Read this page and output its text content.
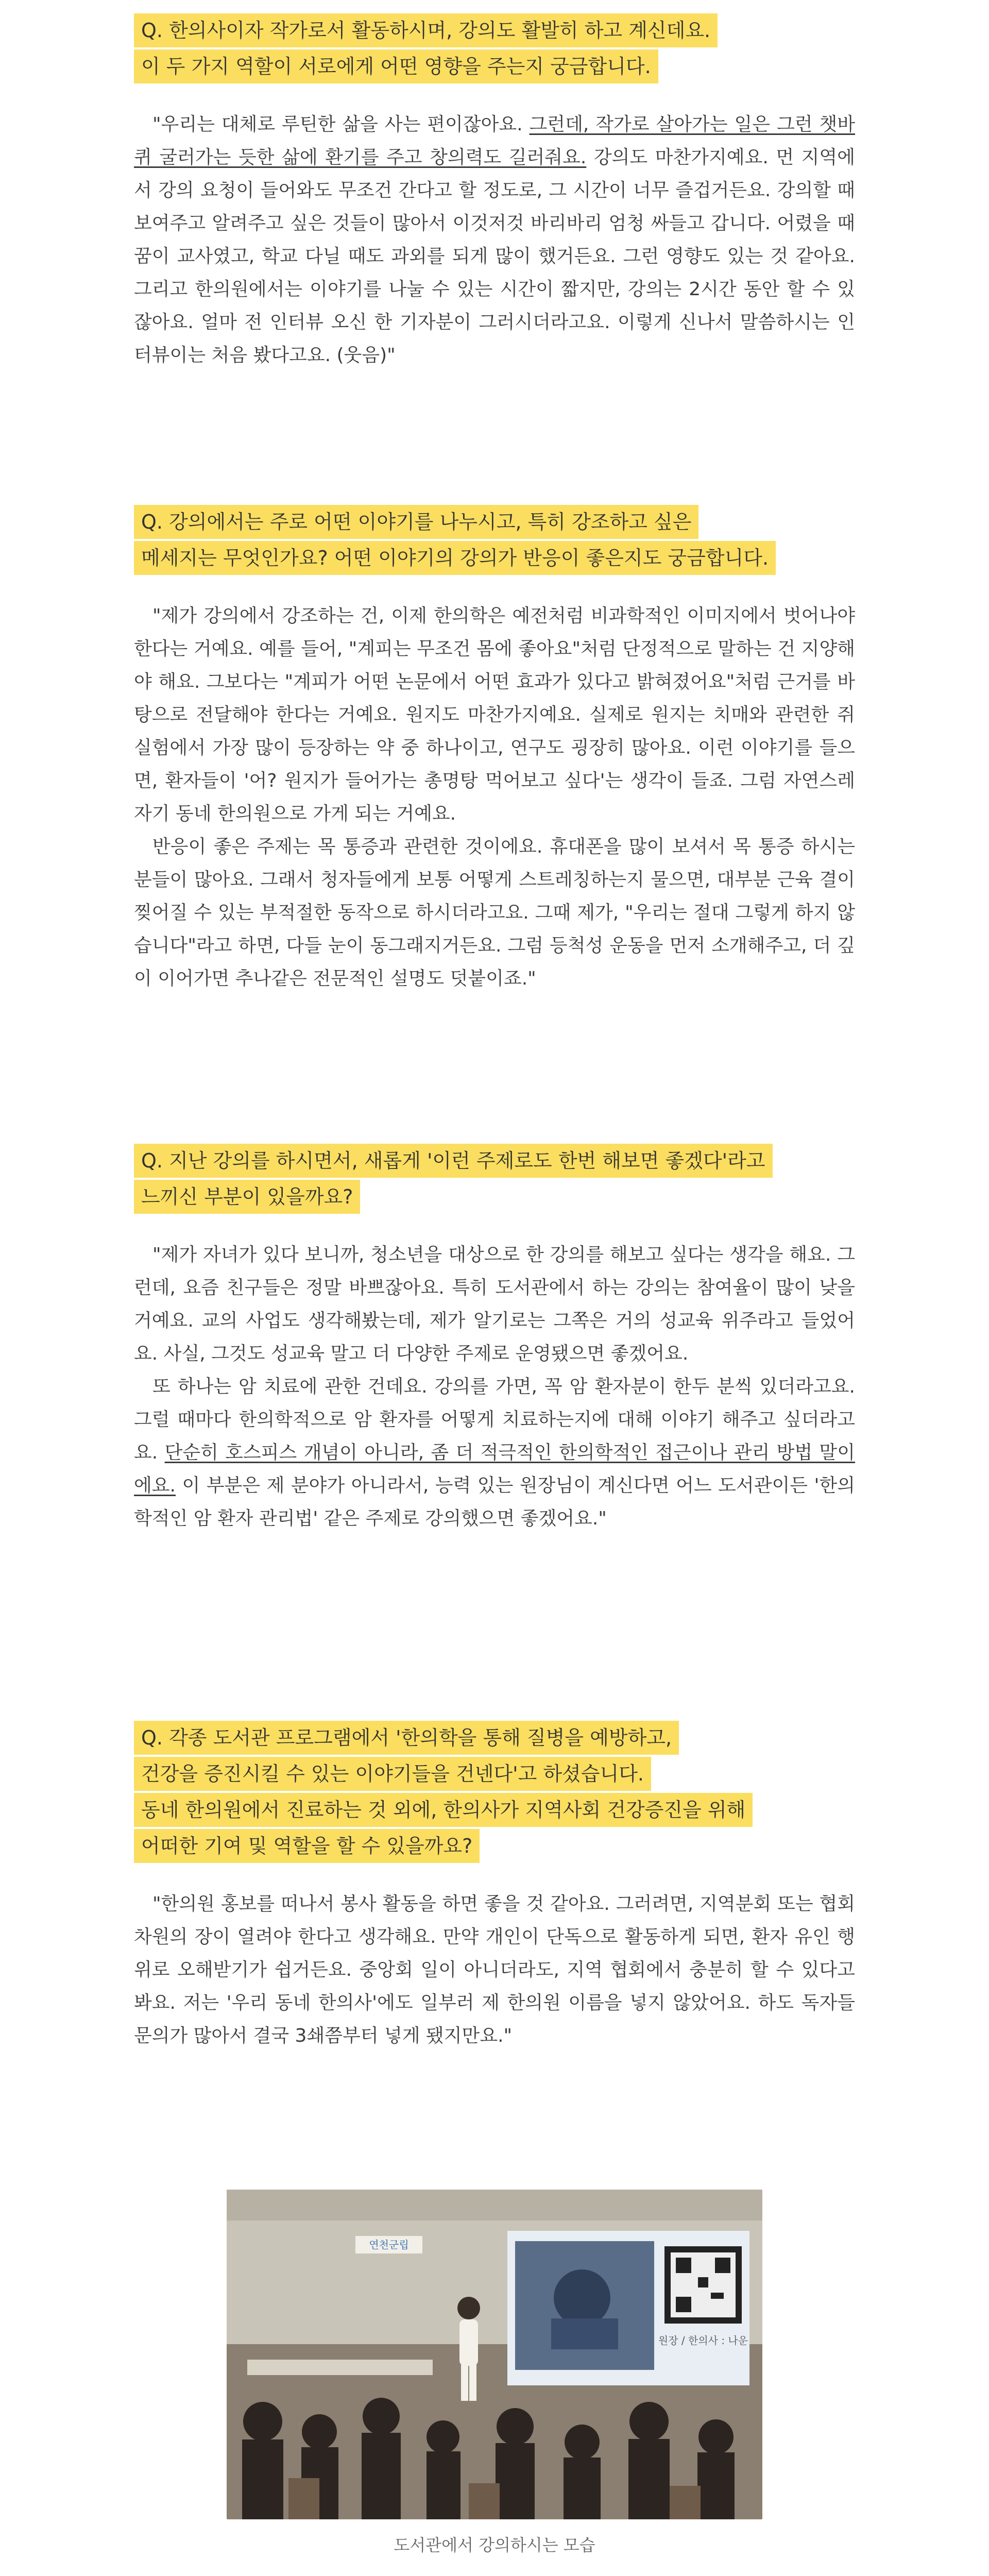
Q. 한의사이자 작가로서 활동하시며, 강의도 활발히 하고 계신데요.
이 두 가지 역할이 서로에게 어떤 영향을 주는지 궁금합니다.

"우리는 대체로 루틴한 삶을 사는 편이잖아요. 그런데, 작가로 살아가는 일은 그런 챗바퀴 굴러가는 듯한 삶에 환기를 주고 창의력도 길러줘요. 강의도 마찬가지예요. 먼 지역에서 강의 요청이 들어와도 무조건 간다고 할 정도로, 그 시간이 너무 즐겁거든요. 강의할 때 보여주고 알려주고 싶은 것들이 많아서 이것저것 바리바리 엄청 싸들고 갑니다. 어렸을 때 꿈이 교사였고, 학교 다닐 때도 과외를 되게 많이 했거든요. 그런 영향도 있는 것 같아요. 그리고 한의원에서는 이야기를 나눌 수 있는 시간이 짧지만, 강의는 2시간 동안 할 수 있잖아요. 얼마 전 인터뷰 오신 한 기자분이 그러시더라고요. 이렇게 신나서 말씀하시는 인터뷰이는 처음 봤다고요. (웃음)"

Q. 강의에서는 주로 어떤 이야기를 나누시고, 특히 강조하고 싶은
메세지는 무엇인가요? 어떤 이야기의 강의가 반응이 좋은지도 궁금합니다.

"제가 강의에서 강조하는 건, 이제 한의학은 예전처럼 비과학적인 이미지에서 벗어나야 한다는 거예요. 예를 들어, "계피는 무조건 몸에 좋아요"처럼 단정적으로 말하는 건 지양해야 해요. 그보다는 "계피가 어떤 논문에서 어떤 효과가 있다고 밝혀졌어요"처럼 근거를 바탕으로 전달해야 한다는 거예요. 원지도 마찬가지예요. 실제로 원지는 치매와 관련한 쥐 실험에서 가장 많이 등장하는 약 중 하나이고, 연구도 굉장히 많아요. 이런 이야기를 들으면, 환자들이 '어? 원지가 들어가는 총명탕 먹어보고 싶다'는 생각이 들죠. 그럼 자연스레 자기 동네 한의원으로 가게 되는 거예요.

반응이 좋은 주제는 목 통증과 관련한 것이에요. 휴대폰을 많이 보셔서 목 통증 하시는 분들이 많아요. 그래서 청자들에게 보통 어떻게 스트레칭하는지 물으면, 대부분 근육 결이 찢어질 수 있는 부적절한 동작으로 하시더라고요. 그때 제가, "우리는 절대 그렇게 하지 않습니다"라고 하면, 다들 눈이 동그래지거든요. 그럼 등척성 운동을 먼저 소개해주고, 더 깊이 이어가면 추나같은 전문적인 설명도 덧붙이죠."

Q. 지난 강의를 하시면서, 새롭게 '이런 주제로도 한번 해보면 좋겠다'라고
느끼신 부분이 있을까요?

"제가 자녀가 있다 보니까, 청소년을 대상으로 한 강의를 해보고 싶다는 생각을 해요. 그런데, 요즘 친구들은 정말 바쁘잖아요. 특히 도서관에서 하는 강의는 참여율이 많이 낮을거예요. 교의 사업도 생각해봤는데, 제가 알기로는 그쪽은 거의 성교육 위주라고 들었어요. 사실, 그것도 성교육 말고 더 다양한 주제로 운영됐으면 좋겠어요.

또 하나는 암 치료에 관한 건데요. 강의를 가면, 꼭 암 환자분이 한두 분씩 있더라고요. 그럴 때마다 한의학적으로 암 환자를 어떻게 치료하는지에 대해 이야기 해주고 싶더라고요. 단순히 호스피스 개념이 아니라, 좀 더 적극적인 한의학적인 접근이나 관리 방법 말이에요. 이 부분은 제 분야가 아니라서, 능력 있는 원장님이 계신다면 어느 도서관이든 '한의학적인 암 환자 관리법' 같은 주제로 강의했으면 좋겠어요."

Q. 각종 도서관 프로그램에서 '한의학을 통해 질병을 예방하고,
건강을 증진시킬 수 있는 이야기들을 건넨다'고 하셨습니다.
동네 한의원에서 진료하는 것 외에, 한의사가 지역사회 건강증진을 위해
어떠한 기여 및 역할을 할 수 있을까요?

"한의원 홍보를 떠나서 봉사 활동을 하면 좋을 것 같아요. 그러려면, 지역분회 또는 협회 차원의 장이 열려야 한다고 생각해요. 만약 개인이 단독으로 활동하게 되면, 환자 유인 행위로 오해받기가 쉽거든요. 중앙회 일이 아니더라도, 지역 협회에서 충분히 할 수 있다고 봐요. 저는 '우리 동네 한의사'에도 일부러 제 한의원 이름을 넣지 않았어요. 하도 독자들 문의가 많아서 결국 3쇄쯤부터 넣게 됐지만요."

원장 / 한의사 : 나운
연천군립
도서관에서 강의하시는 모습
